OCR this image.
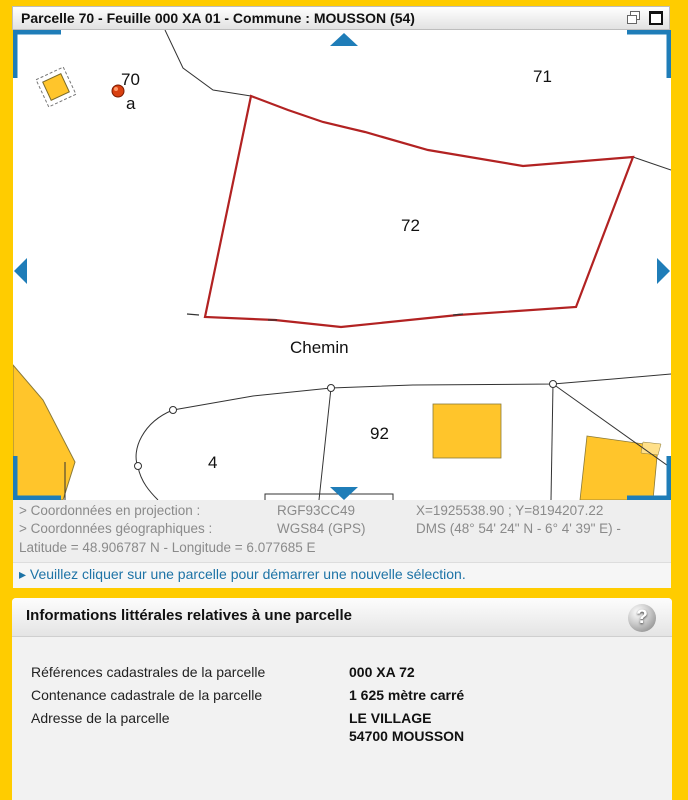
Parcelle 70 - Feuille 000 XA 01 - Commune : MOUSSON (54)
70
a
71
72
92
4
Chemin
> Coordonnées en projection :	RGF93CC49	X=1925538.90 ; Y=8194207.22
> Coordonnées géographiques :	WGS84 (GPS)	DMS (48° 54' 24" N - 6° 4' 39" E) -
Latitude = 48.906787 N - Longitude = 6.077685 E
▸ Veuillez cliquer sur une parcelle pour démarrer une nouvelle sélection.
Informations littérales relatives à une parcelle	?
Références cadastrales de la parcelle	000 XA 72
Contenance cadastrale de la parcelle	1 625 mètre carré
Adresse de la parcelle	LE VILLAGE
54700 MOUSSON
